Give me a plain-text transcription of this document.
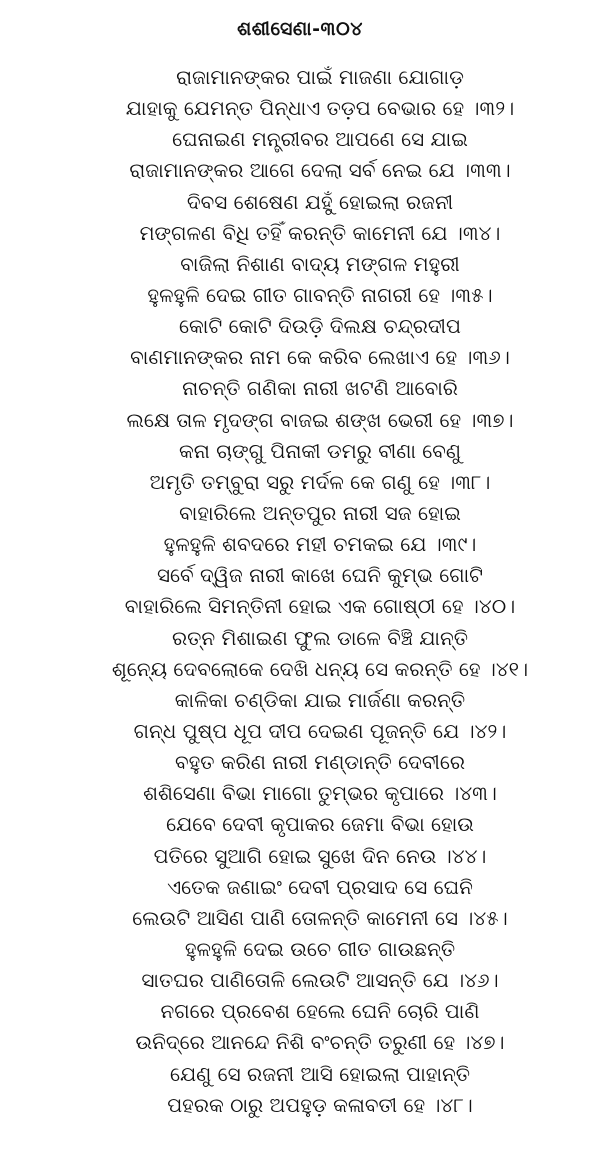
ଶଶୀସେଣା-୩୦୪
ରାଜାମାନଙ୍କର ପାଇଁ ମାଜଣା ଯୋଗାଡ଼
ଯାହାକୁ ଯେମନ୍ତ ପିନ୍ଧାଏ ତଡ଼ପ ବେଭାର ହେ ।୩୨।
ଘେନାଇଣ ମନ୍ତ୍ରୀବର ଆପଣେ ସେ ଯାଇ
ରାଜାମାନଙ୍କର ଆଗେ ଦେଲା ସର୍ବ ନେଇ ଯେ ।୩୩।
ଦିବସ ଶେଷେଣ ଯହୁଁ ହୋଇଲା ରଜନୀ
ମଙ୍ଗଳଣ ବିଧି ତହିଁ କରନ୍ତି କାମେନୀ ଯେ ।୩୪।
ବାଜିଲା ନିଶାଣ ବାଦ୍ୟ ମଙ୍ଗଳ ମହୁରୀ
ହୁଳହୁଳି ଦେଇ ଗୀତ ଗାବନ୍ତି ନାଗରୀ ହେ ।୩୫।
କୋଟି କୋଟି ଦିଉଡ଼ି ଦିଲକ୍ଷ ଚନ୍ଦ୍ରଦୀପ
ବାଣମାନଙ୍କର ନାମ କେ କରିବ ଲେଖାଏ ହେ ।୩୬।
ନାଚନ୍ତି ଗଣିକା ନାରୀ ଖଟଣି ଆବୋରି
ଲକ୍ଷେ ତାଳ ମୃଦଙ୍ଗ ବାଜଇ ଶଙ୍ଖ ଭେରୀ ହେ ।୩୭।
କନା ଚାଙ୍ଗୁ ପିନାକୀ ଡମରୁ ବୀଣା ବେଣୁ
ଅମୃତି ତମ୍ବୁରା ସରୁ ମର୍ଦଳ କେ ଗଣୁ ହେ ।୩୮।
ବାହାରିଲେ ଅନ୍ତପୁର ନାରୀ ସଜ ହୋଇ
ହୁଳହୁଳି ଶବଦରେ ମହୀ ଚମକଇ ଯେ ।୩୯।
ସର୍ବେ ଦ୍ୱିଜ ନାରୀ କାଖେ ଘେନି କୁମ୍ଭ ଗୋଟି
ବାହାରିଲେ ସିମନ୍ତିନୀ ହୋଇ ଏକ ଗୋଷ୍ଠୀ ହେ ।୪୦।
ରତ୍ନ ମିଶାଇଣ ଫୁଲ ଡାଳେ ବିଞ୍ଚି ଯାନ୍ତି
ଶୂନ୍ୟେ ଦେବଲୋକେ ଦେଖି ଧନ୍ୟ ସେ କରନ୍ତି ହେ ।୪୧।
କାଳିକା ଚଣ୍ଡିକା ଯାଇ ମାର୍ଜଣା କରନ୍ତି
ଗନ୍ଧ ପୁଷ୍ପ ଧୂପ ଦୀପ ଦେଇଣ ପୂଜନ୍ତି ଯେ ।୪୨।
ବହୁତ କରିଣ ନାରୀ ମଣ୍ଡାନ୍ତି ଦେବୀରେ
ଶଶିସେଣା ବିଭା ମାଗୋ ତୁମ୍ଭର କୃପାରେ ।୪୩।
ଯେବେ ଦେବୀ କୃପାକର ଜେମା ବିଭା ହୋଉ
ପତିରେ ସୁଆଗି ହୋଇ ସୁଖେ ଦିନ ନେଉ ।୪୪।
ଏତେକ ଜଣାଇଂ ଦେବୀ ପ୍ରସାଦ ସେ ଘେନି
ଲେଉଟି ଆସିଣ ପାଣି ତୋଳନ୍ତି କାମେନୀ ସେ ।୪୫।
ହୁଳହୁଳି ଦେଇ ଉଚେ ଗୀତ ଗାଉଛନ୍ତି
ସାତଘର ପାଣିତୋଳି ଲେଉଟି ଆସନ୍ତି ଯେ ।୪୬।
ନଗରେ ପ୍ରବେଶ ହେଲେ ଘେନି ଚୋରି ପାଣି
ଉନିଦ୍ରେ ଆନନ୍ଦେ ନିଶି ବଂଚନ୍ତି ତରୁଣୀ ହେ ।୪୭।
ଯେଣୁ ସେ ରଜନୀ ଆସି ହୋଇଲା ପାହାନ୍ତି
ପହରକ ଠାରୁ ଅପହୁଡ଼ କଳାବତୀ ହେ ।୪୮।
